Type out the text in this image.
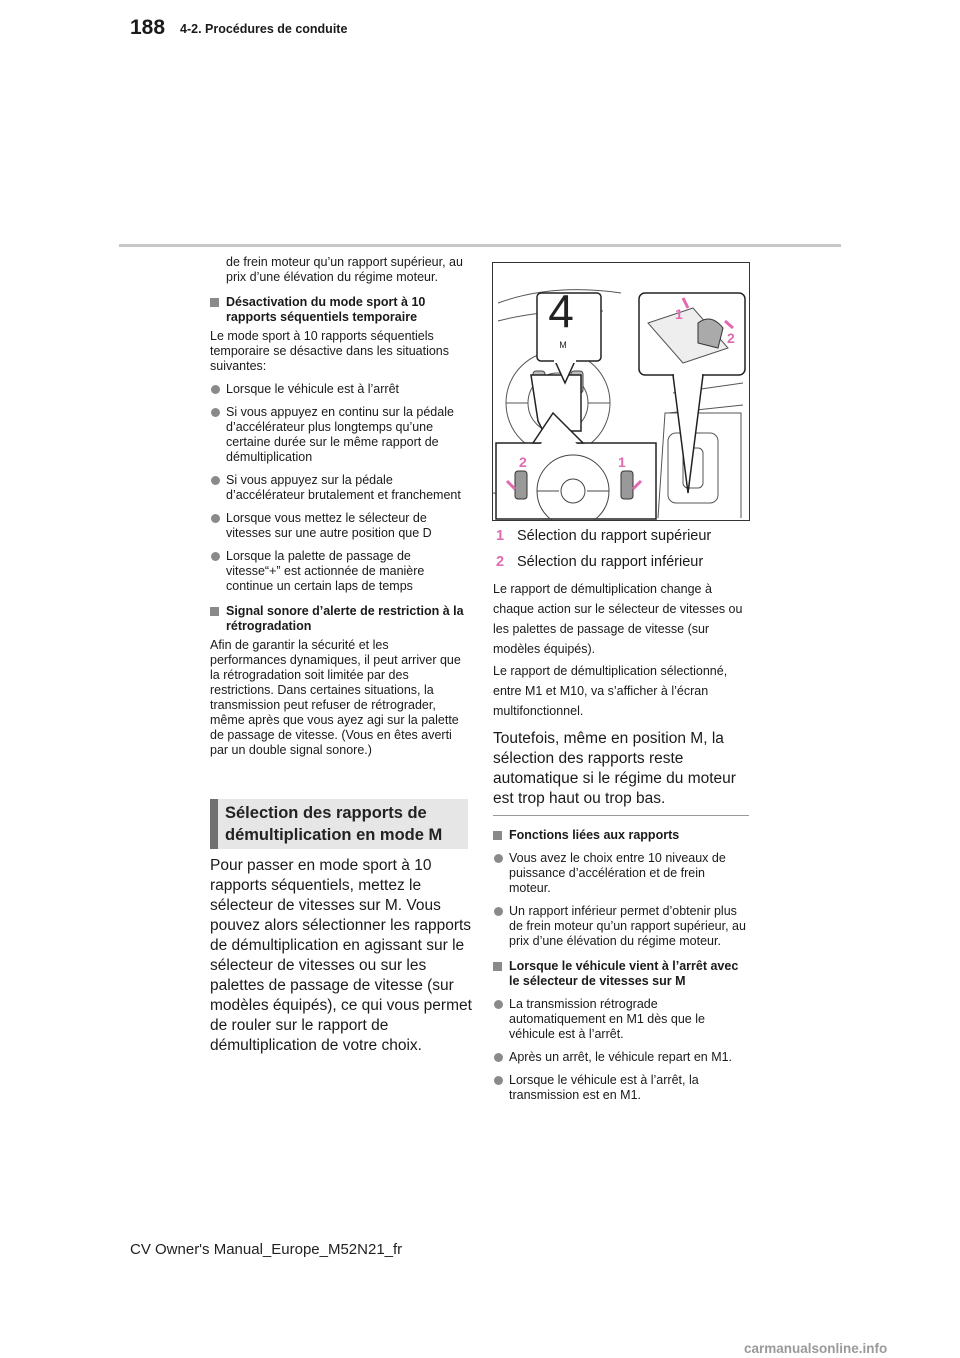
188 4-2. Procédures de conduite

de frein moteur qu’un rapport supérieur, au prix d’une élévation du régime moteur.

Désactivation du mode sport à 10 rapports séquentiels temporaire

Le mode sport à 10 rapports séquentiels temporaire se désactive dans les situations suivantes:

Lorsque le véhicule est à l’arrêt
Si vous appuyez en continu sur la pédale d’accélérateur plus longtemps qu’une certaine durée sur le même rapport de démultiplication
Si vous appuyez sur la pédale d’accélérateur brutalement et franchement
Lorsque vous mettez le sélecteur de vitesses sur une autre position que D
Lorsque la palette de passage de vitesse“+” est actionnée de manière continue un certain laps de temps
Signal sonore d’alerte de restriction à la rétrogradation

Afin de garantir la sécurité et les performances dynamiques, il peut arriver que la rétrogradation soit limitée par des restrictions. Dans certaines situations, la transmission peut refuser de rétrograder, même après que vous ayez agi sur la palette de passage de vitesse. (Vous en êtes averti par un double signal sonore.)

Sélection des rapports de démultiplication en mode M
Pour passer en mode sport à 10 rapports séquentiels, mettez le sélecteur de vitesses sur M. Vous pouvez alors sélectionner les rapports de démultiplication en agissant sur le sélecteur de vitesses ou sur les palettes de passage de vitesse (sur modèles équipés), ce qui vous permet de rouler sur le rapport de démultiplication de votre choix.
4
M
1
2
2	1
1 Sélection du rapport supérieur
2 Sélection du rapport inférieur

Le rapport de démultiplication change à chaque action sur le sélecteur de vitesses ou les palettes de passage de vitesse (sur modèles équipés).

Le rapport de démultiplication sélectionné, entre M1 et M10, va s’afficher à l’écran multifonctionnel.

Toutefois, même en position M, la sélection des rapports reste automatique si le régime du moteur est trop haut ou trop bas.

Fonctions liées aux rapports
Vous avez le choix entre 10 niveaux de puissance d’accélération et de frein moteur.
Un rapport inférieur permet d’obtenir plus de frein moteur qu’un rapport supérieur, au prix d’une élévation du régime moteur.
Lorsque le véhicule vient à l’arrêt avec le sélecteur de vitesses sur M
La transmission rétrograde automatiquement en M1 dès que le véhicule est à l’arrêt.
Après un arrêt, le véhicule repart en M1.
Lorsque le véhicule est à l’arrêt, la transmission est en M1.
CV Owner's Manual_Europe_M52N21_fr
carmanualsonline.info
